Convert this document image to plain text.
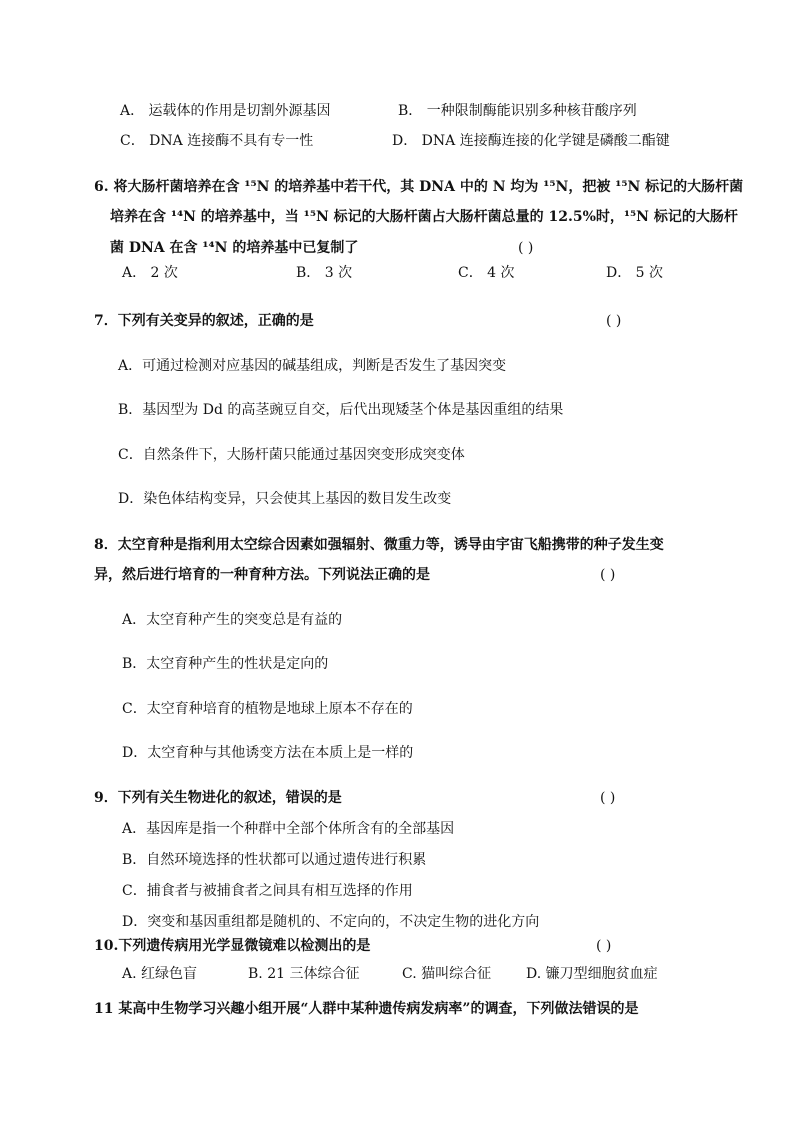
A． 运载体的作用是切割外源基因	B． 一种限制酶能识别多种核苷酸序列
C． DNA 连接酶不具有专一性	D． DNA 连接酶连接的化学键是磷酸二酯键
6. 将大肠杆菌培养在含 ¹⁵N 的培养基中若干代，其 DNA 中的 N 均为 ¹⁵N，把被 ¹⁵N 标记的大肠杆菌
培养在含 ¹⁴N 的培养基中，当 ¹⁵N 标记的大肠杆菌占大肠杆菌总量的 12.5%时，¹⁵N 标记的大肠杆
菌 DNA 在含 ¹⁴N 的培养基中已复制了	( )
A． 2 次	B． 3 次	C． 4 次	D． 5 次
7．下列有关变异的叙述，正确的是	( )
A．可通过检测对应基因的碱基组成，判断是否发生了基因突变
B．基因型为 Dd 的高茎豌豆自交，后代出现矮茎个体是基因重组的结果
C．自然条件下，大肠杆菌只能通过基因突变形成突变体
D．染色体结构变异，只会使其上基因的数目发生改变
8．太空育种是指利用太空综合因素如强辐射、微重力等，诱导由宇宙飞船携带的种子发生变
异，然后进行培育的一种育种方法。下列说法正确的是	( )
A．太空育种产生的突变总是有益的
B．太空育种产生的性状是定向的
C．太空育种培育的植物是地球上原本不存在的
D．太空育种与其他诱变方法在本质上是一样的
9．下列有关生物进化的叙述，错误的是	( )
A．基因库是指一个种群中全部个体所含有的全部基因
B．自然环境选择的性状都可以通过遗传进行积累
C．捕食者与被捕食者之间具有相互选择的作用
D．突变和基因重组都是随机的、不定向的，不决定生物的进化方向
10.下列遗传病用光学显微镜难以检测出的是	( )
A. 红绿色盲	B. 21 三体综合征	C. 猫叫综合征 D. 镰刀型细胞贫血症
11 某高中生物学习兴趣小组开展“人群中某种遗传病发病率”的调查，下列做法错误的是
